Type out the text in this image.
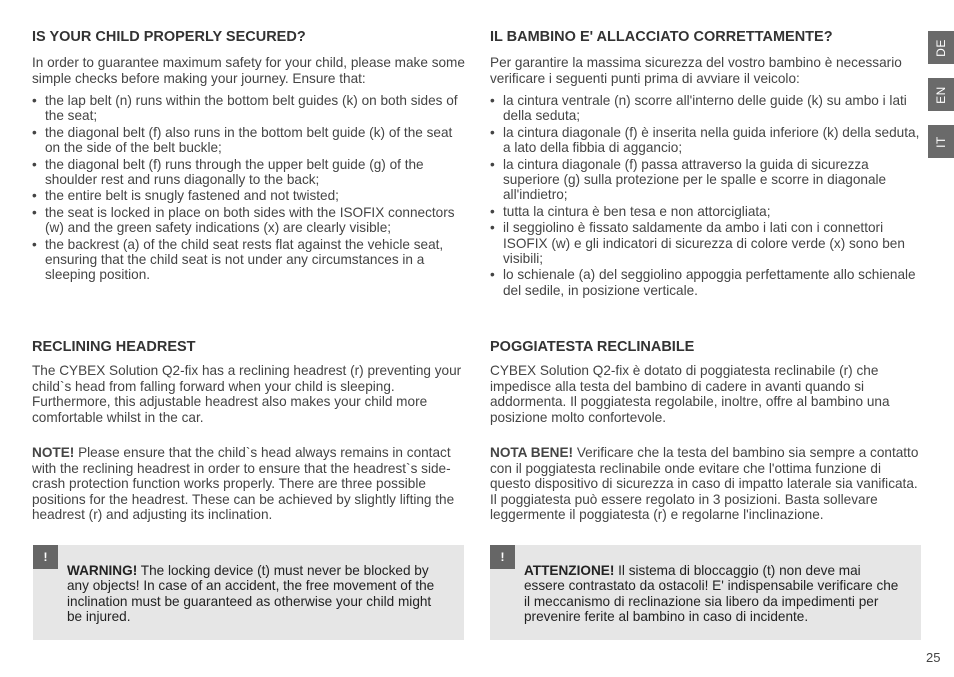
IS YOUR CHILD PROPERLY SECURED?

In order to guarantee maximum safety for your child, please make some simple checks before making your journey. Ensure that:

• the lap belt (n) runs within the bottom belt guides (k) on both sides of the seat;
• the diagonal belt (f) also runs in the bottom belt guide (k) of the seat on the side of the belt buckle;
• the diagonal belt (f) runs through the upper belt guide (g) of the shoulder rest and runs diagonally to the back;
• the entire belt is snugly fastened and not twisted;
• the seat is locked in place on both sides with the ISOFIX connectors (w) and the green safety indications (x) are clearly visible;
• the backrest (a) of the child seat rests flat against the vehicle seat, ensuring that the child seat is not under any circumstances in a sleeping position.
RECLINING HEADREST

The CYBEX Solution Q2-fix has a reclining headrest (r) preventing your child`s head from falling forward when your child is sleeping. Furthermore, this adjustable headrest also makes your child more comfortable whilst in the car.

NOTE! Please ensure that the child`s head always remains in contact with the reclining headrest in order to ensure that the headrest`s side-crash protection function works properly. There are three possible positions for the headrest. These can be achieved by slightly lifting the headrest (r) and adjusting its inclination.

!
WARNING! The locking device (t) must never be blocked by any objects! In case of an accident, the free movement of the inclination must be guaranteed as otherwise your child might be injured.
IL BAMBINO E' ALLACCIATO CORRETTAMENTE?

Per garantire la massima sicurezza del vostro bambino è necessario verificare i seguenti punti prima di avviare il veicolo:

• la cintura ventrale (n) scorre all'interno delle guide (k) su ambo i lati della seduta;
• la cintura diagonale (f) è inserita nella guida inferiore (k) della seduta, a lato della fibbia di aggancio;
• la cintura diagonale (f) passa attraverso la guida di sicurezza superiore (g) sulla protezione per le spalle e scorre in diagonale all'indietro;
• tutta la cintura è ben tesa e non attorcigliata;
• il seggiolino è fissato saldamente da ambo i lati con i connettori ISOFIX (w) e gli indicatori di sicurezza di colore verde (x) sono ben visibili;
• lo schienale (a) del seggiolino appoggia perfettamente allo schienale del sedile, in posizione verticale.
POGGIATESTA RECLINABILE

CYBEX Solution Q2-fix è dotato di poggiatesta reclinabile (r) che impedisce alla testa del bambino di cadere in avanti quando si addormenta. Il poggiatesta regolabile, inoltre, offre al bambino una posizione molto confortevole.

NOTA BENE! Verificare che la testa del bambino sia sempre a contatto con il poggiatesta reclinabile onde evitare che l'ottima funzione di questo dispositivo di sicurezza in caso di impatto laterale sia vanificata. Il poggiatesta può essere regolato in 3 posizioni. Basta sollevare leggermente il poggiatesta (r) e regolarne l'inclinazione.

!
ATTENZIONE! Il sistema di bloccaggio (t) non deve mai essere contrastato da ostacoli! E' indispensabile verificare che il meccanismo di reclinazione sia libero da impedimenti per prevenire ferite al bambino in caso di incidente.
DE
EN
IT
25
